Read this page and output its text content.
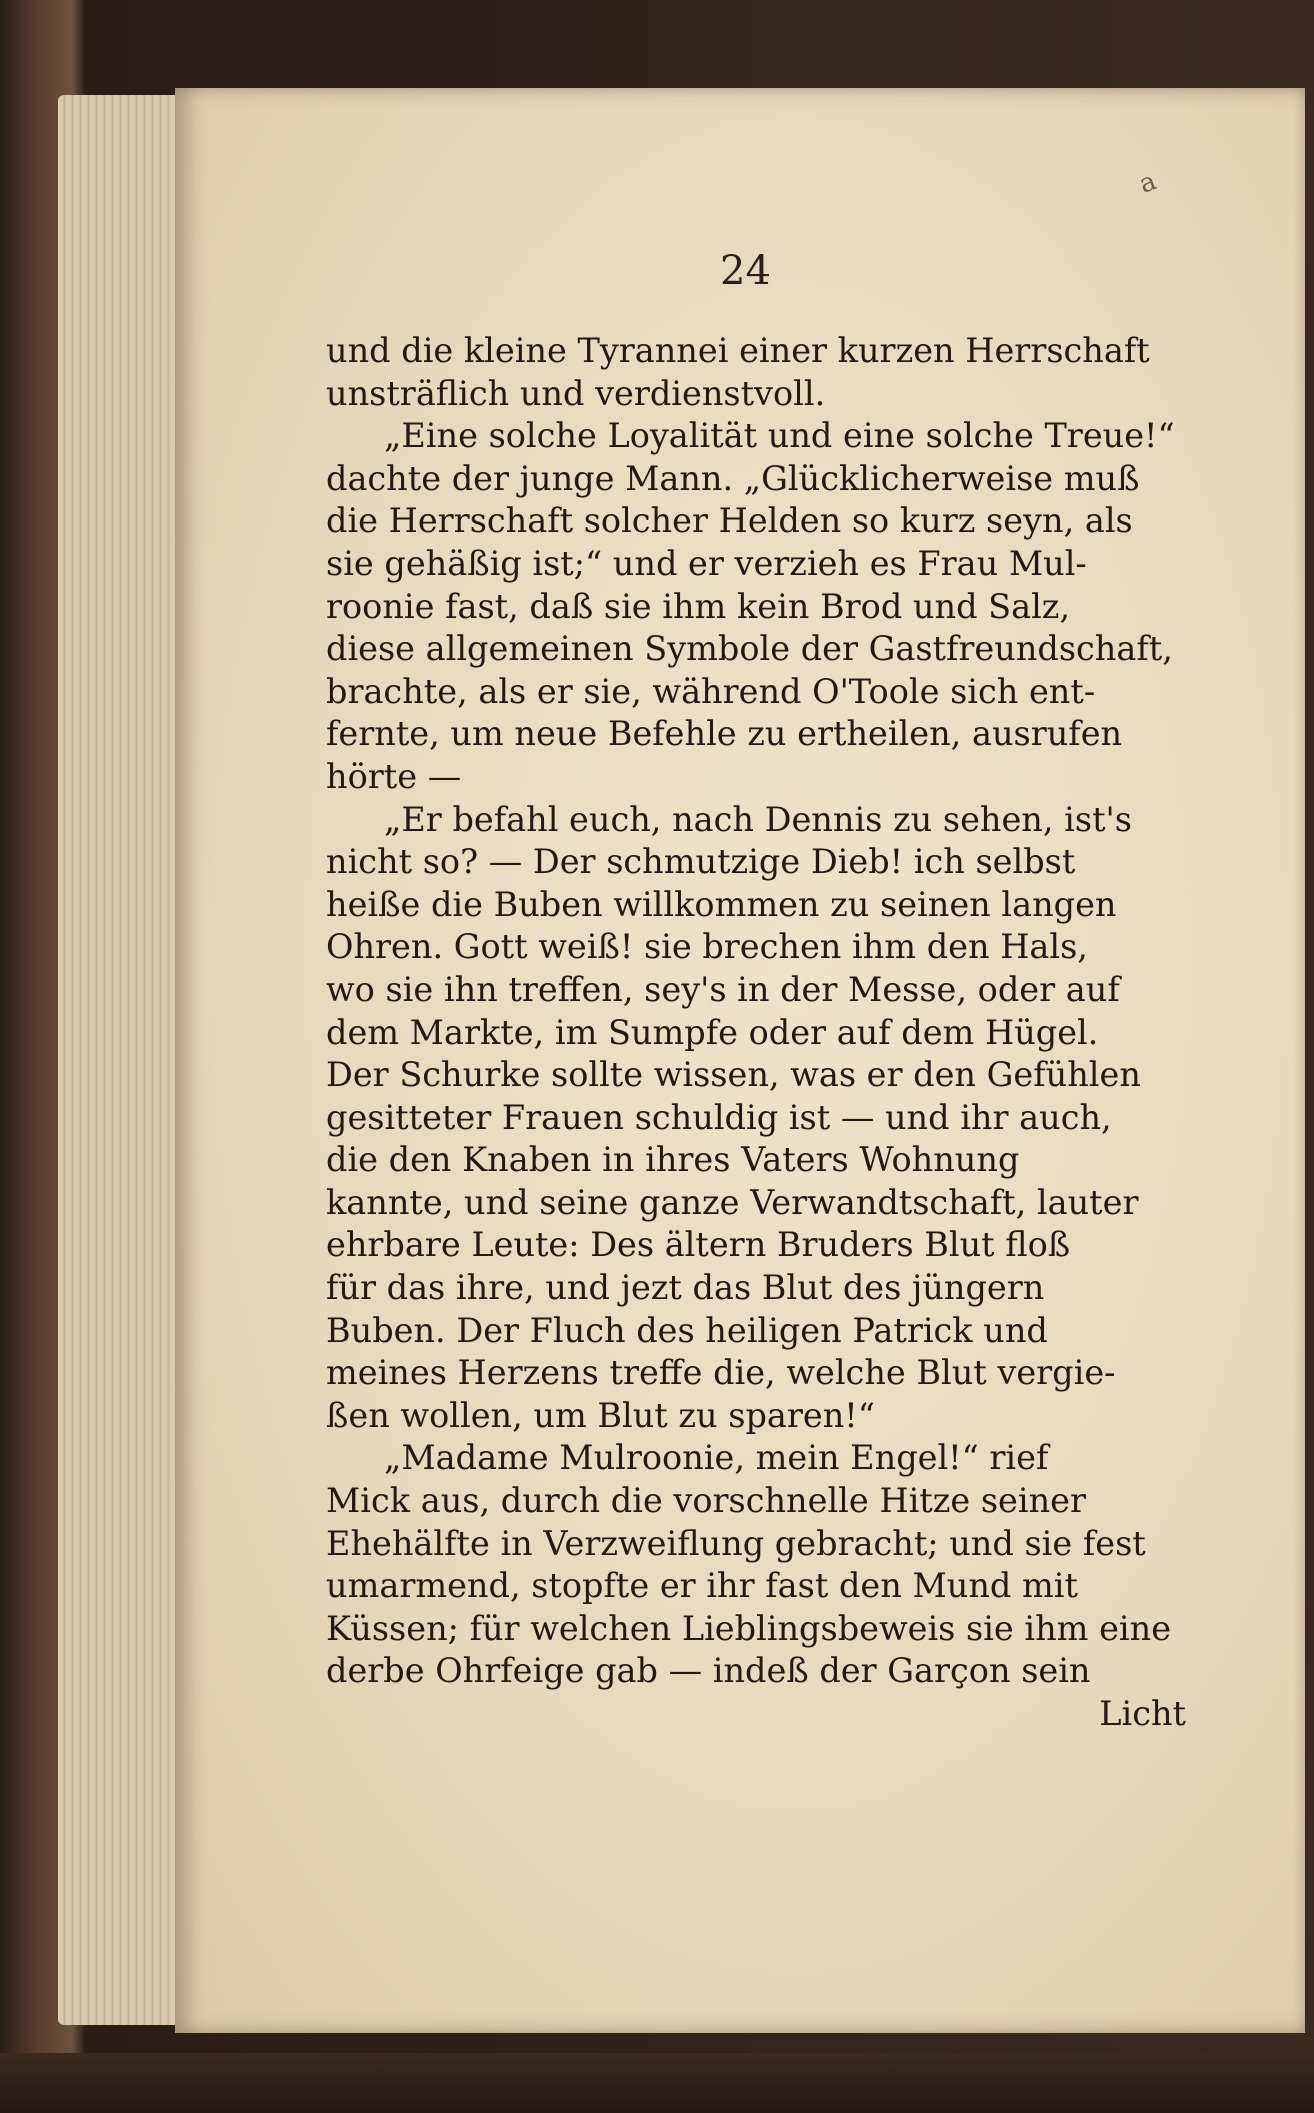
a
24
und die kleine Tyrannei einer kurzen Herrschaft
unsträflich und verdienstvoll.
„Eine solche Loyalität und eine solche Treue!“
dachte der junge Mann. „Glücklicherweise muß
die Herrschaft solcher Helden so kurz seyn, als
sie gehäßig ist;“ und er verzieh es Frau Mul-
roonie fast, daß sie ihm kein Brod und Salz,
diese allgemeinen Symbole der Gastfreundschaft,
brachte, als er sie, während O'Toole sich ent-
fernte, um neue Befehle zu ertheilen, ausrufen
hörte —
„Er befahl euch, nach Dennis zu sehen, ist's
nicht so? — Der schmutzige Dieb! ich selbst
heiße die Buben willkommen zu seinen langen
Ohren. Gott weiß! sie brechen ihm den Hals,
wo sie ihn treffen, sey's in der Messe, oder auf
dem Markte, im Sumpfe oder auf dem Hügel.
Der Schurke sollte wissen, was er den Gefühlen
gesitteter Frauen schuldig ist — und ihr auch,
die den Knaben in ihres Vaters Wohnung
kannte, und seine ganze Verwandtschaft, lauter
ehrbare Leute: Des ältern Bruders Blut floß
für das ihre, und jezt das Blut des jüngern
Buben. Der Fluch des heiligen Patrick und
meines Herzens treffe die, welche Blut vergie-
ßen wollen, um Blut zu sparen!“
„Madame Mulroonie, mein Engel!“ rief
Mick aus, durch die vorschnelle Hitze seiner
Ehehälfte in Verzweiflung gebracht; und sie fest
umarmend, stopfte er ihr fast den Mund mit
Küssen; für welchen Lieblingsbeweis sie ihm eine
derbe Ohrfeige gab — indeß der Garçon sein
Licht
